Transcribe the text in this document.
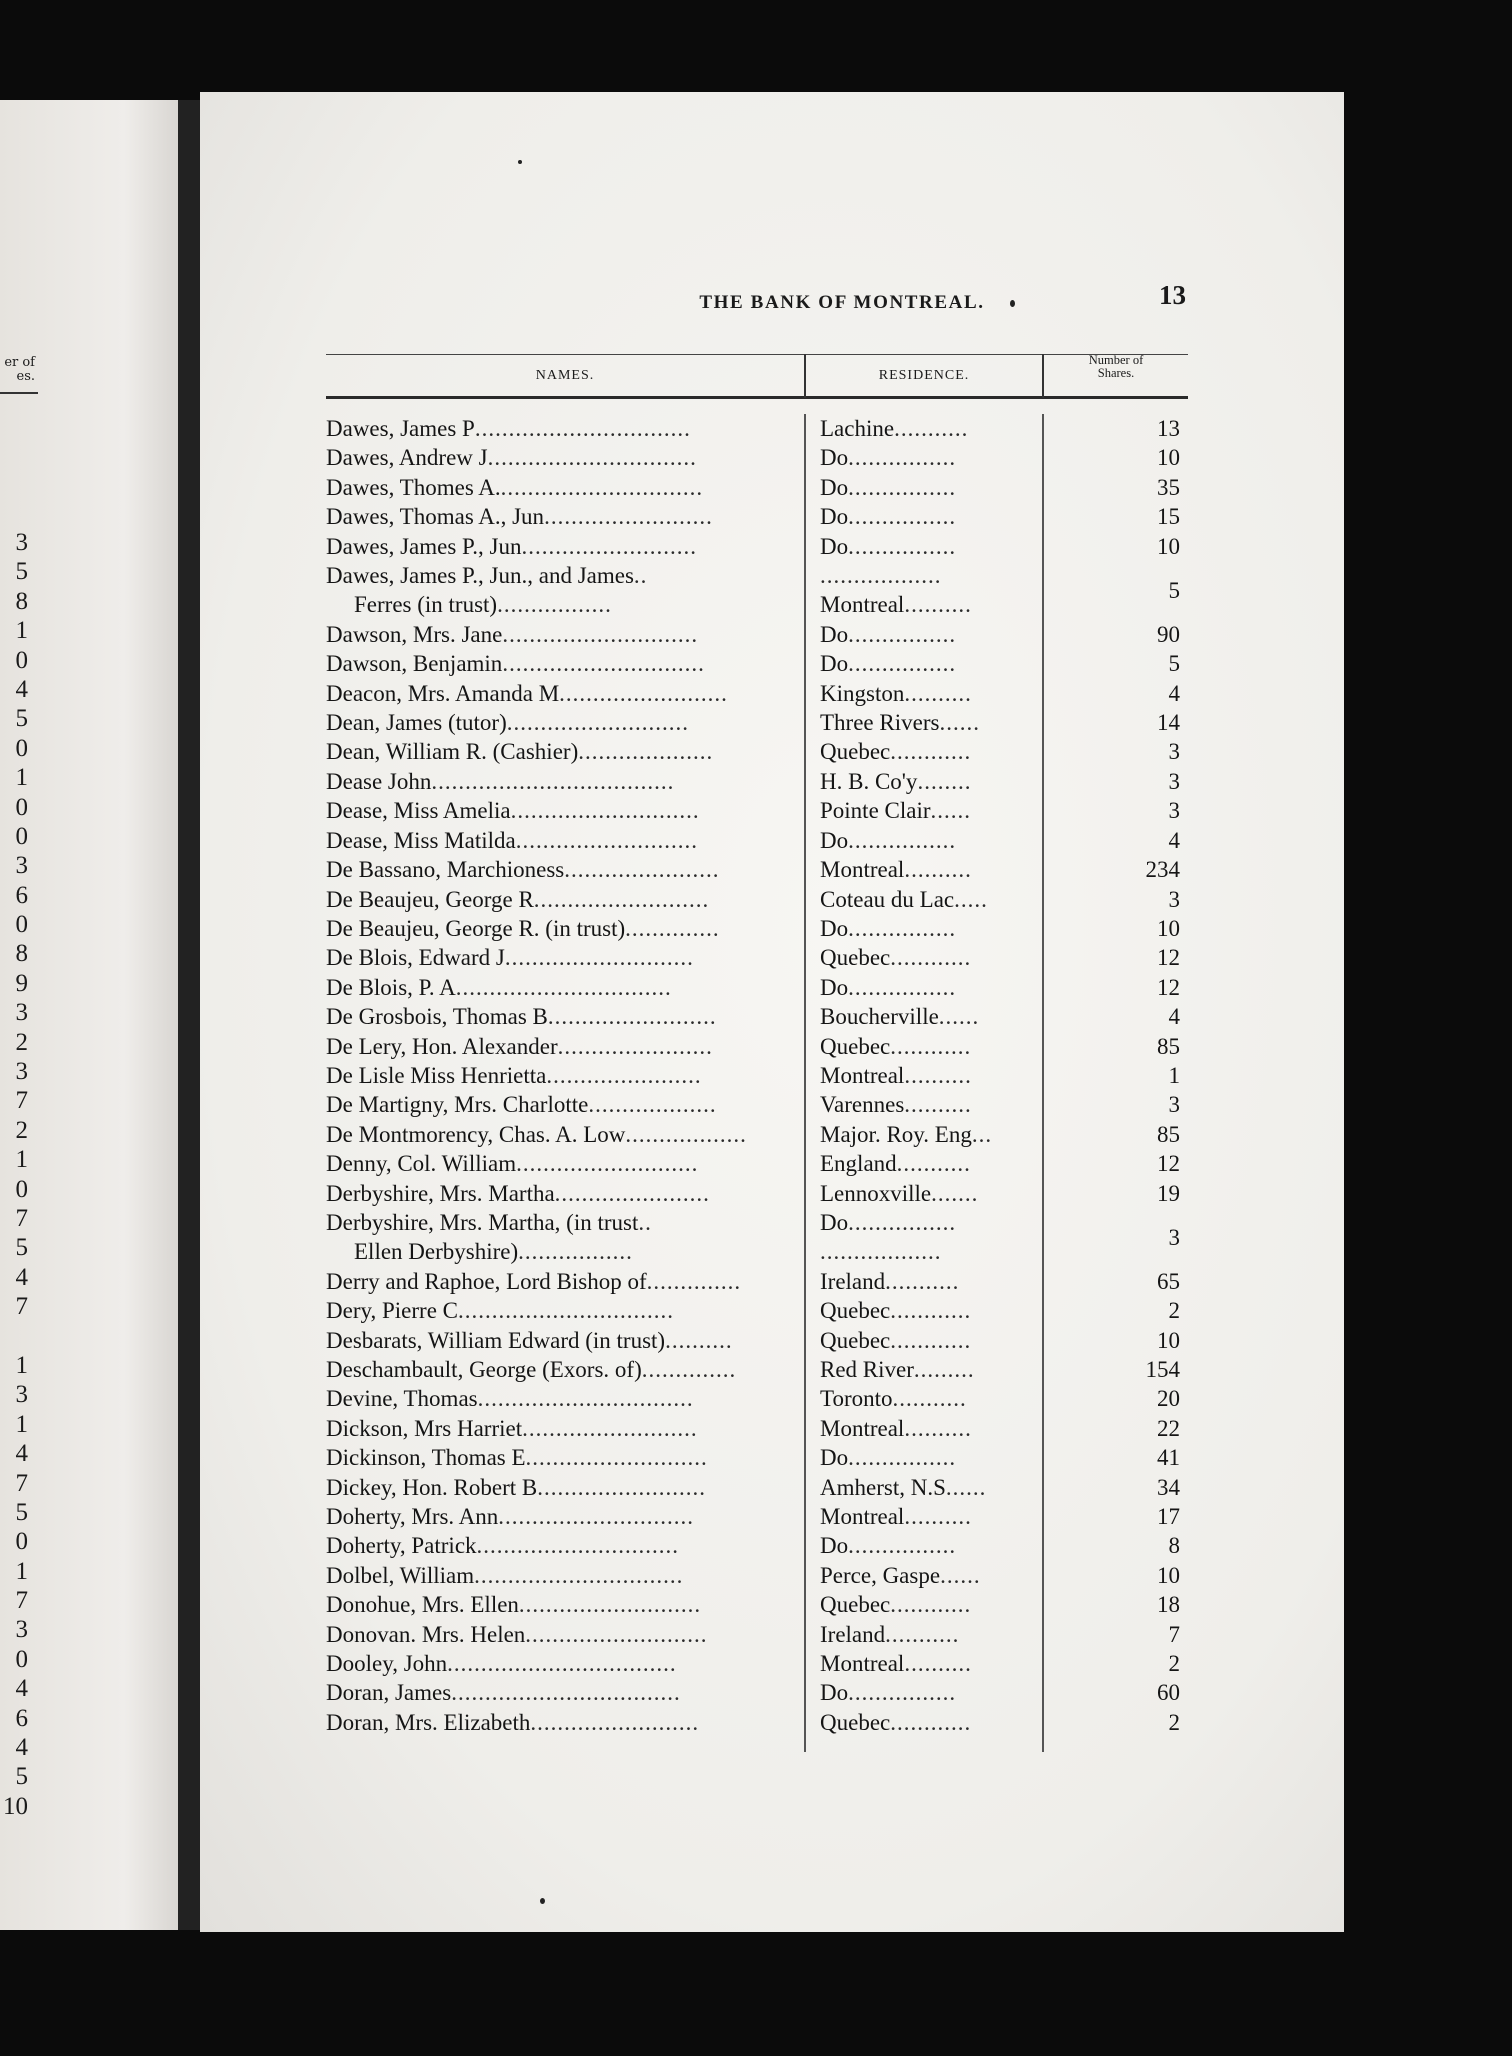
er of
es.
3
5
8
1
0
4
5
0
1
0
0
3
6
0
8
9
3
2
3
7
2
1
0
7
5
4
7
1
3
1
4
7
5
0
1
7
3
0
4
6
4
5
10
THE BANK OF MONTREAL.	13
NAMES.	RESIDENCE.
Number of
Shares.
Dawes, James P................................	Lachine...........	13
Dawes, Andrew J...............................	Do................	10
Dawes, Thomes A...............................	Do................	35
Dawes, Thomas A., Jun.........................	Do................	15
Dawes, James P., Jun..........................	Do................	10
Dawes, James P., Jun., and James..	..................	5
Ferres (in trust).................	Montreal..........	
Dawson, Mrs. Jane.............................	Do................	90
Dawson, Benjamin..............................	Do................	5
Deacon, Mrs. Amanda M.........................	Kingston..........	4
Dean, James (tutor)...........................	Three Rivers......	14
Dean, William R. (Cashier)....................	Quebec............	3
Dease John....................................	H. B. Co'y........	3
Dease, Miss Amelia............................	Pointe Clair......	3
Dease, Miss Matilda...........................	Do................	4
De Bassano, Marchioness.......................	Montreal..........	234
De Beaujeu, George R..........................	Coteau du Lac.....	3
De Beaujeu, George R. (in trust)..............	Do................	10
De Blois, Edward J............................	Quebec............	12
De Blois, P. A................................	Do................	12
De Grosbois, Thomas B.........................	Boucherville......	4
De Lery, Hon. Alexander.......................	Quebec............	85
De Lisle Miss Henrietta.......................	Montreal..........	1
De Martigny, Mrs. Charlotte...................	Varennes..........	3
De Montmorency, Chas. A. Low..................	Major. Roy. Eng...	85
Denny, Col. William...........................	England...........	12
Derbyshire, Mrs. Martha.......................	Lennoxville.......	19
Derbyshire, Mrs. Martha, (in trust..	Do................	3
Ellen Derbyshire).................	..................	
Derry and Raphoe, Lord Bishop of..............	Ireland...........	65
Dery, Pierre C................................	Quebec............	2
Desbarats, William Edward (in trust)..........	Quebec............	10
Deschambault, George (Exors. of)..............	Red River.........	154
Devine, Thomas................................	Toronto...........	20
Dickson, Mrs Harriet..........................	Montreal..........	22
Dickinson, Thomas E...........................	Do................	41
Dickey, Hon. Robert B.........................	Amherst, N.S......	34
Doherty, Mrs. Ann.............................	Montreal..........	17
Doherty, Patrick..............................	Do................	8
Dolbel, William...............................	Perce, Gaspe......	10
Donohue, Mrs. Ellen...........................	Quebec............	18
Donovan. Mrs. Helen...........................	Ireland...........	7
Dooley, John..................................	Montreal..........	2
Doran, James..................................	Do................	60
Doran, Mrs. Elizabeth.........................	Quebec............	2
